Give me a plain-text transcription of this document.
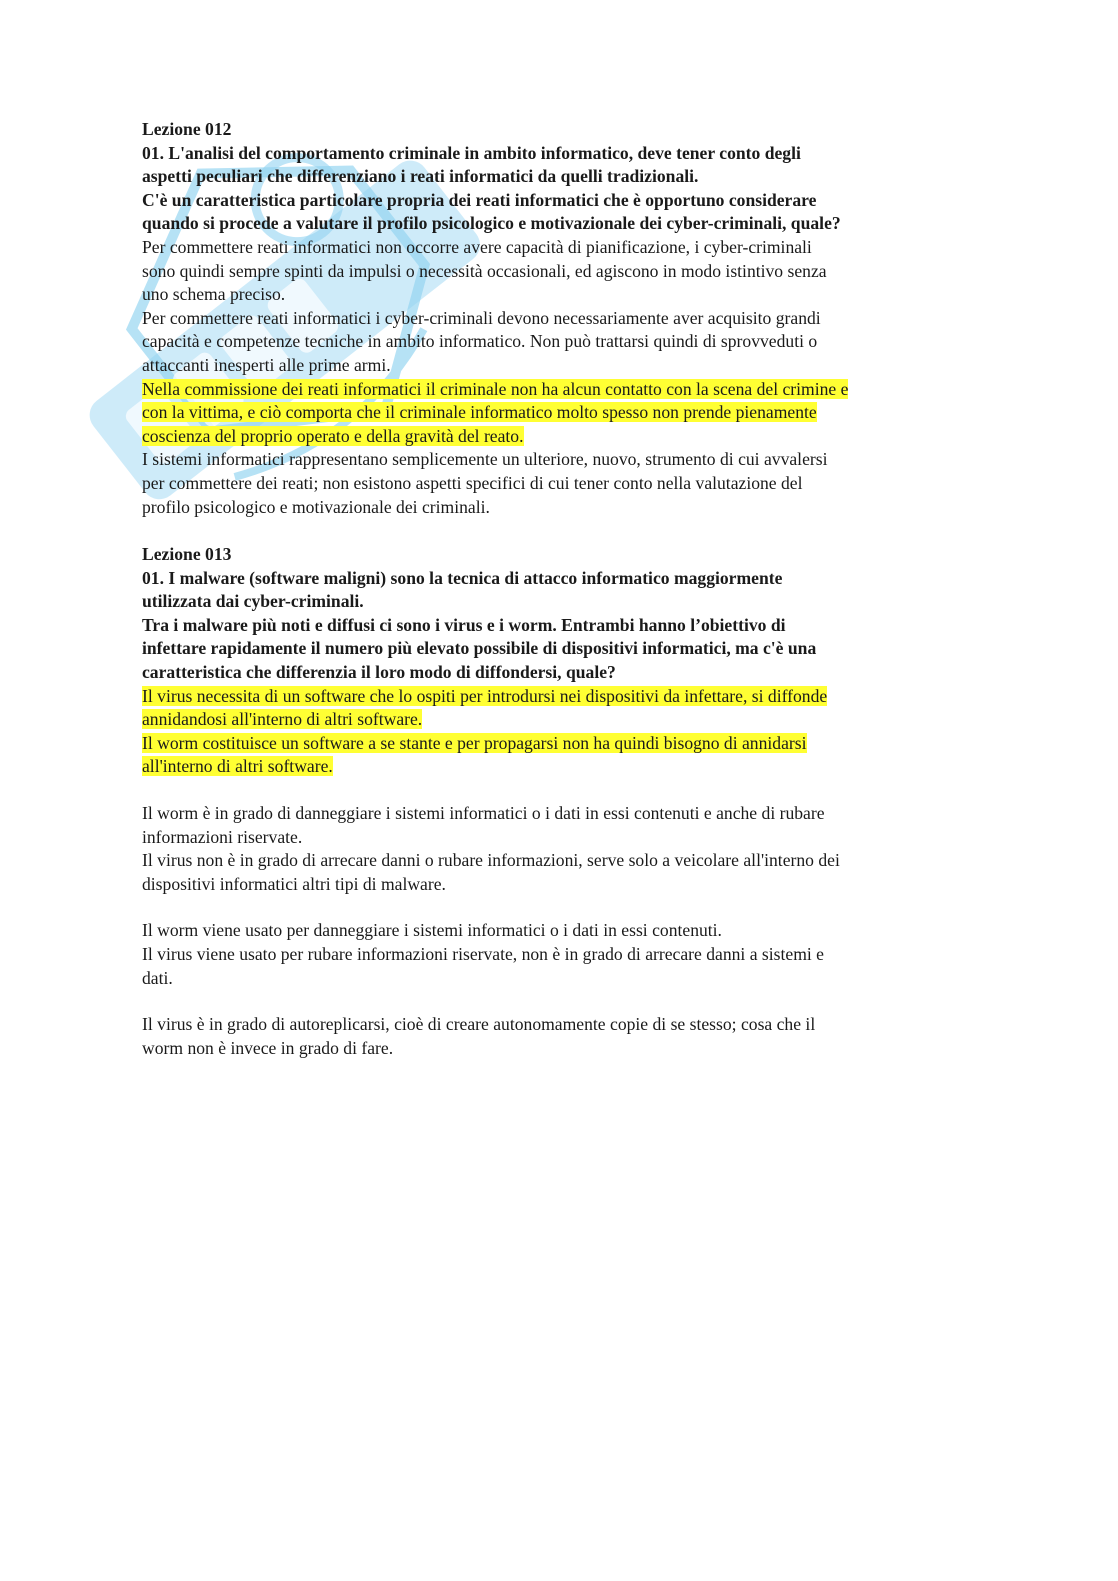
Lezione 012

01. L'analisi del comportamento criminale in ambito informatico, deve tener conto degli
aspetti peculiari che differenziano i reati informatici da quelli tradizionali.
C'è un caratteristica particolare propria dei reati informatici che è opportuno considerare
quando si procede a valutare il profilo psicologico e motivazionale dei cyber-criminali, quale?
Per commettere reati informatici non occorre avere capacità di pianificazione, i cyber-criminali
sono quindi sempre spinti da impulsi o necessità occasionali, ed agiscono in modo istintivo senza
uno schema preciso.
Per commettere reati informatici i cyber-criminali devono necessariamente aver acquisito grandi
capacità e competenze tecniche in ambito informatico. Non può trattarsi quindi di sprovveduti o
attaccanti inesperti alle prime armi.
Nella commissione dei reati informatici il criminale non ha alcun contatto con la scena del crimine e
con la vittima, e ciò comporta che il criminale informatico molto spesso non prende pienamente
coscienza del proprio operato e della gravità del reato.
I sistemi informatici rappresentano semplicemente un ulteriore, nuovo, strumento di cui avvalersi
per commettere dei reati; non esistono aspetti specifici di cui tener conto nella valutazione del
profilo psicologico e motivazionale dei criminali.

Lezione 013

01. I malware (software maligni) sono la tecnica di attacco informatico maggiormente
utilizzata dai cyber-criminali.
Tra i malware più noti e diffusi ci sono i virus e i worm. Entrambi hanno l’obiettivo di
infettare rapidamente il numero più elevato possibile di dispositivi informatici, ma c'è una
caratteristica che differenzia il loro modo di diffondersi, quale?
Il virus necessita di un software che lo ospiti per introdursi nei dispositivi da infettare, si diffonde
annidandosi all'interno di altri software.
Il worm costituisce un software a se stante e per propagarsi non ha quindi bisogno di annidarsi
all'interno di altri software.
Il worm è in grado di danneggiare i sistemi informatici o i dati in essi contenuti e anche di rubare
informazioni riservate.
Il virus non è in grado di arrecare danni o rubare informazioni, serve solo a veicolare all'interno dei
dispositivi informatici altri tipi di malware.
Il worm viene usato per danneggiare i sistemi informatici o i dati in essi contenuti.
Il virus viene usato per rubare informazioni riservate, non è in grado di arrecare danni a sistemi e
dati.
Il virus è in grado di autoreplicarsi, cioè di creare autonomamente copie di se stesso; cosa che il
worm non è invece in grado di fare.
